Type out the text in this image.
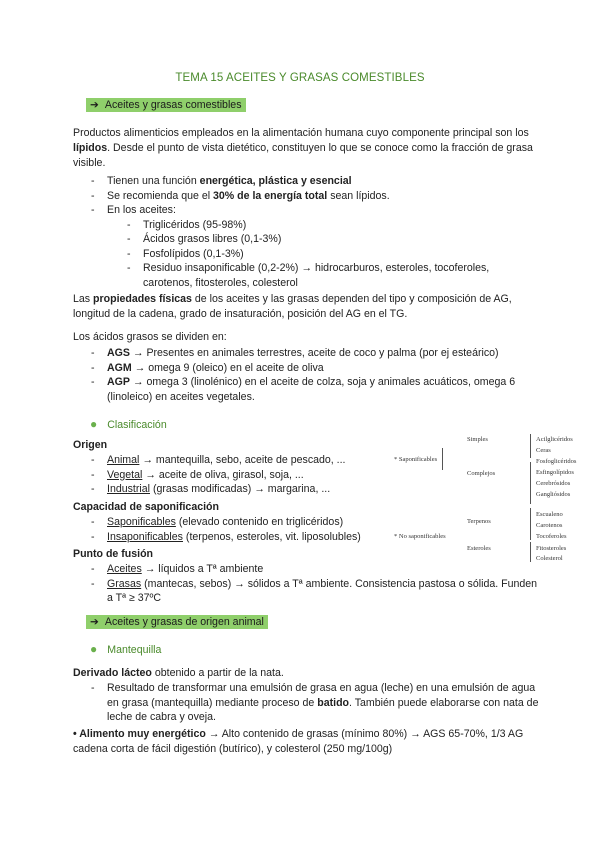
TEMA 15 ACEITES Y GRASAS COMESTIBLES
➔ Aceites y grasas comestibles

Productos alimenticios empleados en la alimentación humana cuyo componente principal son los lípidos. Desde el punto de vista dietético, constituyen lo que se conoce como la fracción de grasa visible.

- Tienen una función energética, plástica y esencial
- Se recomienda que el 30% de la energía total sean lípidos.
- En los aceites:
- Triglicéridos (95-98%)
- Ácidos grasos libres (0,1-3%)
- Fosfolípidos (0,1-3%)
- Residuo insaponificable (0,2-2%) → hidrocarburos, esteroles, tocoferoles, carotenos, fitosteroles, colesterol

Las propiedades físicas de los aceites y las grasas dependen del tipo y composición de AG, longitud de la cadena, grado de insaturación, posición del AG en el TG.

Los ácidos grasos se dividen en:

- AGS → Presentes en animales terrestres, aceite de coco y palma (por ej esteárico)
- AGM → omega 9 (oleico) en el aceite de oliva
- AGP → omega 3 (linolénico) en el aceite de colza, soja y animales acuáticos, omega 6 (linoleico) en aceites vegetales.
● Clasificación
Origen
- Animal → mantequilla, sebo, aceite de pescado, ...
- Vegetal → aceite de oliva, girasol, soja, ...
- Industrial (grasas modificadas) → margarina, ...
Capacidad de saponificación
- Saponificables (elevado contenido en triglicéridos)
- Insaponificables (terpenos, esteroles, vit. liposolubles)
Punto de fusión
- Aceites → líquidos a Tª ambiente
- Grasas (mantecas, sebos) → sólidos a Tª ambiente. Consistencia pastosa o sólida. Funden a Tª ≥ 37ºC
* Saponificables
* No saponificables
Simples
Complejos
Terpenos
Esteroles
Acilglicéridos
Ceras
Fosfoglicéridos
Esfingolípidos
Cerebrósidos
Gangliósidos
Escualeno
Carotenos
Tocoferoles
Fitosteroles
Colesterol
➔ Aceites y grasas de origen animal
● Mantequilla

Derivado lácteo obtenido a partir de la nata.

- Resultado de transformar una emulsión de grasa en agua (leche) en una emulsión de agua en grasa (mantequilla) mediante proceso de batido. También puede elaborarse con nata de leche de cabra y oveja.

• Alimento muy energético → Alto contenido de grasas (mínimo 80%) → AGS 65-70%, 1/3 AG cadena corta de fácil digestión (butírico), y colesterol (250 mg/100g)
